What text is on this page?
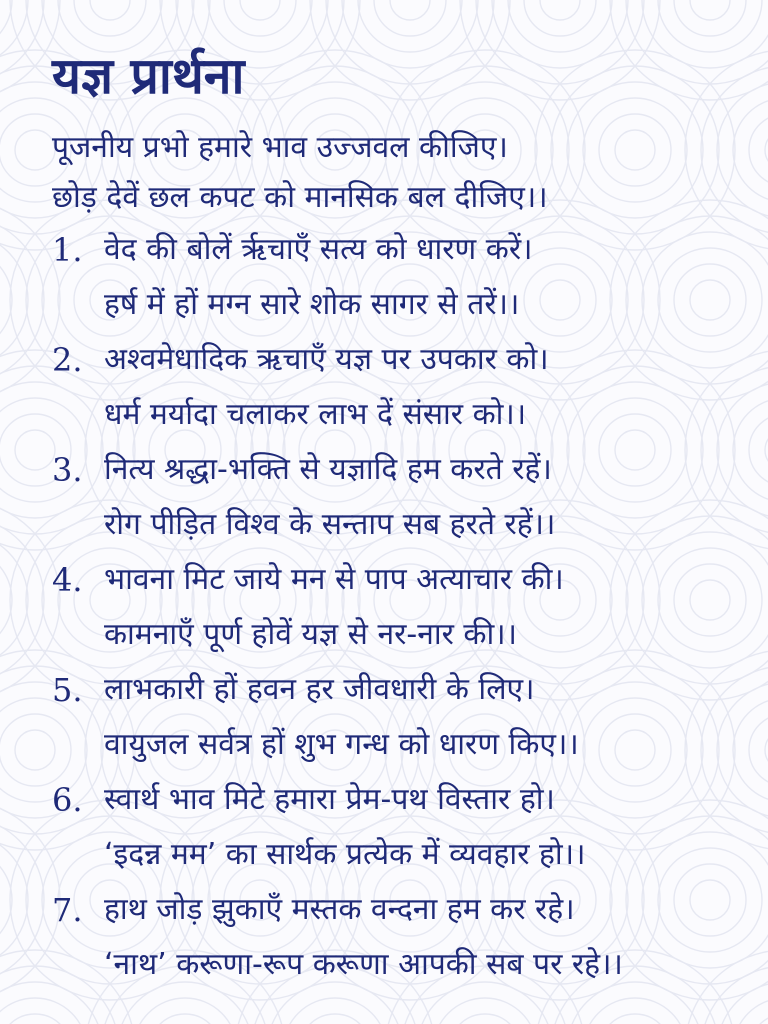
यज्ञ प्रार्थना
पूजनीय प्रभो हमारे भाव उज्जवल कीजिए।
छोड़ देवें छल कपट को मानसिक बल दीजिए।।
1. वेद की बोलें ऋृचाएँ सत्य को धारण करें।
हर्ष में हों मग्न सारे शोक सागर से तरें।।
2. अश्वमेधादिक ऋचाएँ यज्ञ पर उपकार को।
धर्म मर्यादा चलाकर लाभ दें संसार को।।
3. नित्य श्रद्धा-भक्ति से यज्ञादि हम करते रहें।
रोग पीड़ित विश्व के सन्ताप सब हरते रहें।।
4. भावना मिट जाये मन से पाप अत्याचार की।
कामनाएँ पूर्ण होवें यज्ञ से नर-नार की।।
5. लाभकारी हों हवन हर जीवधारी के लिए।
वायुजल सर्वत्र हों शुभ गन्ध को धारण किए।।
6. स्वार्थ भाव मिटे हमारा प्रेम-पथ विस्तार हो।
‘इदन्न मम’ का सार्थक प्रत्येक में व्यवहार हो।।
7. हाथ जोड़ झुकाएँ मस्तक वन्दना हम कर रहे।
‘नाथ’ करूणा-रूप करूणा आपकी सब पर रहे।।
